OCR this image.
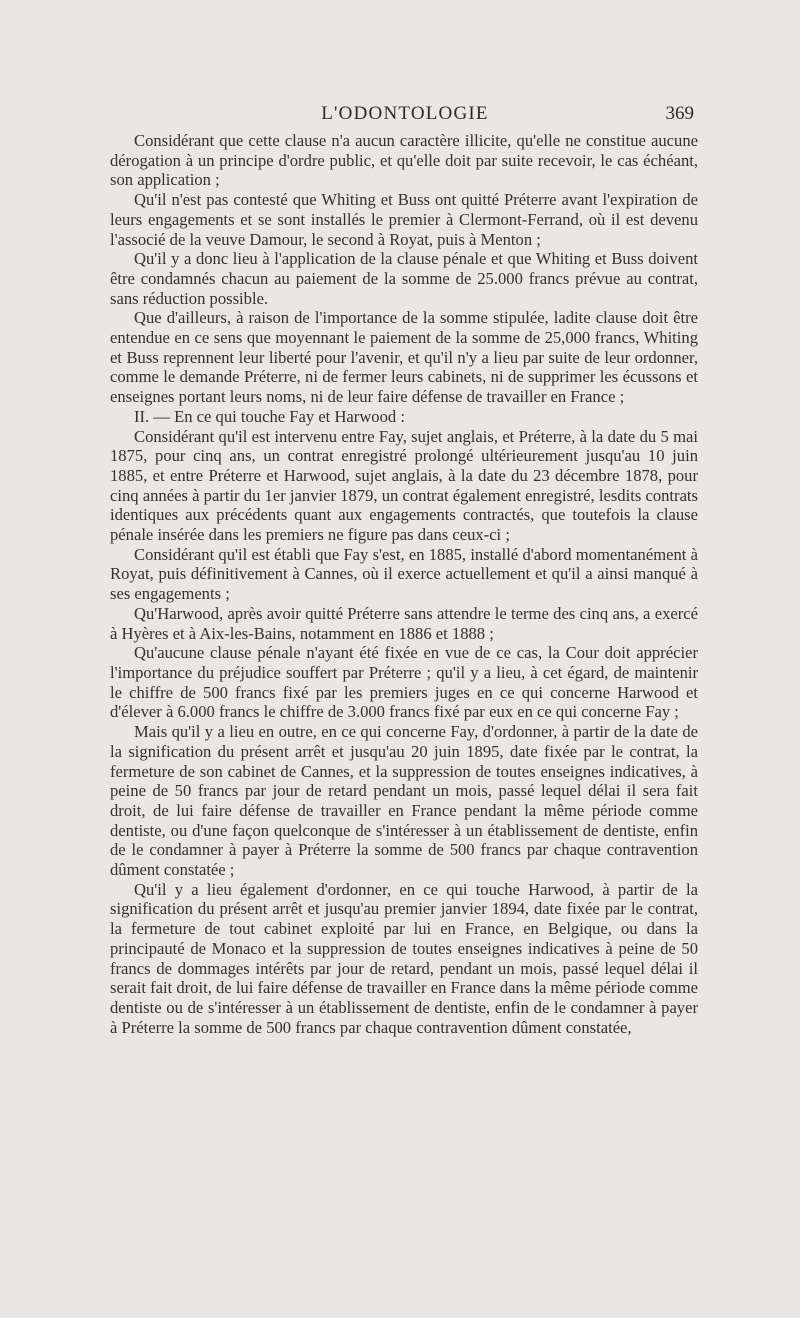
L'ODONTOLOGIE	369

Considérant que cette clause n'a aucun caractère illicite, qu'elle ne constitue aucune dérogation à un principe d'ordre public, et qu'elle doit par suite recevoir, le cas échéant, son application ;

Qu'il n'est pas contesté que Whiting et Buss ont quitté Préterre avant l'expiration de leurs engagements et se sont installés le premier à Clermont-Ferrand, où il est devenu l'associé de la veuve Damour, le second à Royat, puis à Menton ;

Qu'il y a donc lieu à l'application de la clause pénale et que Whiting et Buss doivent être condamnés chacun au paiement de la somme de 25.000 francs prévue au contrat, sans réduction possible.

Que d'ailleurs, à raison de l'importance de la somme stipulée, ladite clause doit être entendue en ce sens que moyennant le paiement de la somme de 25,000 francs, Whiting et Buss reprennent leur liberté pour l'avenir, et qu'il n'y a lieu par suite de leur ordonner, comme le demande Préterre, ni de fermer leurs cabinets, ni de supprimer les écussons et enseignes portant leurs noms, ni de leur faire défense de travailler en France ;

II. — En ce qui touche Fay et Harwood :

Considérant qu'il est intervenu entre Fay, sujet anglais, et Préterre, à la date du 5 mai 1875, pour cinq ans, un contrat enregistré prolongé ultérieurement jusqu'au 10 juin 1885, et entre Préterre et Harwood, sujet anglais, à la date du 23 décembre 1878, pour cinq années à partir du 1er janvier 1879, un contrat également enregistré, lesdits contrats identiques aux précédents quant aux engagements contractés, que toutefois la clause pénale insérée dans les premiers ne figure pas dans ceux-ci ;

Considérant qu'il est établi que Fay s'est, en 1885, installé d'abord momentanément à Royat, puis définitivement à Cannes, où il exerce actuellement et qu'il a ainsi manqué à ses engagements ;

Qu'Harwood, après avoir quitté Préterre sans attendre le terme des cinq ans, a exercé à Hyères et à Aix-les-Bains, notamment en 1886 et 1888 ;

Qu'aucune clause pénale n'ayant été fixée en vue de ce cas, la Cour doit apprécier l'importance du préjudice souffert par Préterre ; qu'il y a lieu, à cet égard, de maintenir le chiffre de 500 francs fixé par les premiers juges en ce qui concerne Harwood et d'élever à 6.000 francs le chiffre de 3.000 francs fixé par eux en ce qui concerne Fay ;

Mais qu'il y a lieu en outre, en ce qui concerne Fay, d'ordonner, à partir de la date de la signification du présent arrêt et jusqu'au 20 juin 1895, date fixée par le contrat, la fermeture de son cabinet de Cannes, et la suppression de toutes enseignes indicatives, à peine de 50 francs par jour de retard pendant un mois, passé lequel délai il sera fait droit, de lui faire défense de travailler en France pendant la même période comme dentiste, ou d'une façon quelconque de s'intéresser à un établissement de dentiste, enfin de le condamner à payer à Préterre la somme de 500 francs par chaque contravention dûment constatée ;

Qu'il y a lieu également d'ordonner, en ce qui touche Harwood, à partir de la signification du présent arrêt et jusqu'au premier janvier 1894, date fixée par le contrat, la fermeture de tout cabinet exploité par lui en France, en Belgique, ou dans la principauté de Monaco et la suppression de toutes enseignes indicatives à peine de 50 francs de dommages intérêts par jour de retard, pendant un mois, passé lequel délai il serait fait droit, de lui faire défense de travailler en France dans la même période comme dentiste ou de s'intéresser à un établissement de dentiste, enfin de le condamner à payer à Préterre la somme de 500 francs par chaque contravention dûment constatée,
